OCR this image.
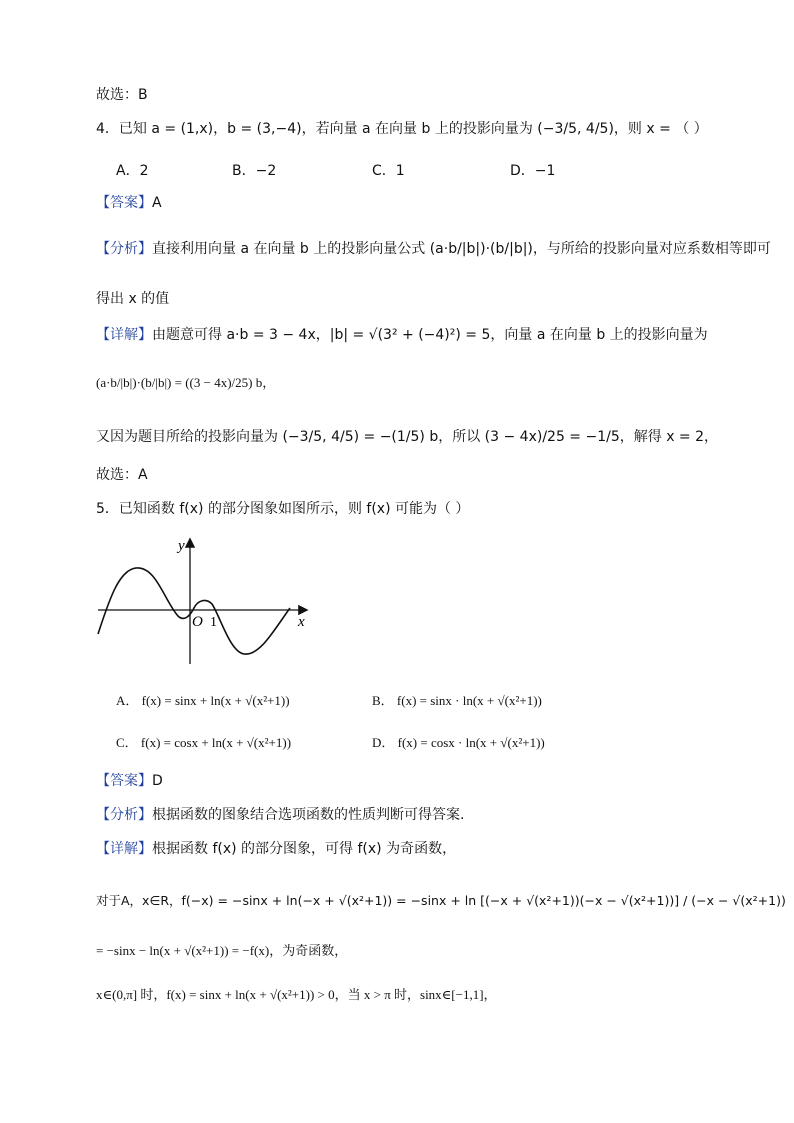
故选：B
4．已知 a = (1,x)，b = (3,−4)，若向量 a 在向量 b 上的投影向量为 (−3/5, 4/5)，则 x = （ ）
A．2	B．−2	C．1	D．−1
【答案】A
【分析】直接利用向量 a 在向量 b 上的投影向量公式 (a·b/|b|)·(b/|b|)，与所给的投影向量对应系数相等即可
得出 x 的值
【详解】由题意可得 a·b = 3 − 4x，|b| = √(3² + (−4)²) = 5，向量 a 在向量 b 上的投影向量为
(a·b/|b|)·(b/|b|) = ((3 − 4x)/25) b，
又因为题目所给的投影向量为 (−3/5, 4/5) = −(1/5) b，所以 (3 − 4x)/25 = −1/5，解得 x = 2，
故选：A
5．已知函数 f(x) 的部分图象如图所示，则 f(x) 可能为（ ）
y
x
O 1
A． f(x) = sinx + ln(x + √(x²+1))	B． f(x) = sinx · ln(x + √(x²+1))
C． f(x) = cosx + ln(x + √(x²+1))	D． f(x) = cosx · ln(x + √(x²+1))
【答案】D
【分析】根据函数的图象结合选项函数的性质判断可得答案.
【详解】根据函数 f(x) 的部分图象，可得 f(x) 为奇函数，
对于A，x∈R，f(−x) = −sinx + ln(−x + √(x²+1)) = −sinx + ln [(−x + √(x²+1))(−x − √(x²+1))] / (−x − √(x²+1))
= −sinx − ln(x + √(x²+1)) = −f(x)，为奇函数，
x∈(0,π] 时，f(x) = sinx + ln(x + √(x²+1)) > 0，当 x > π 时，sinx∈[−1,1]，
